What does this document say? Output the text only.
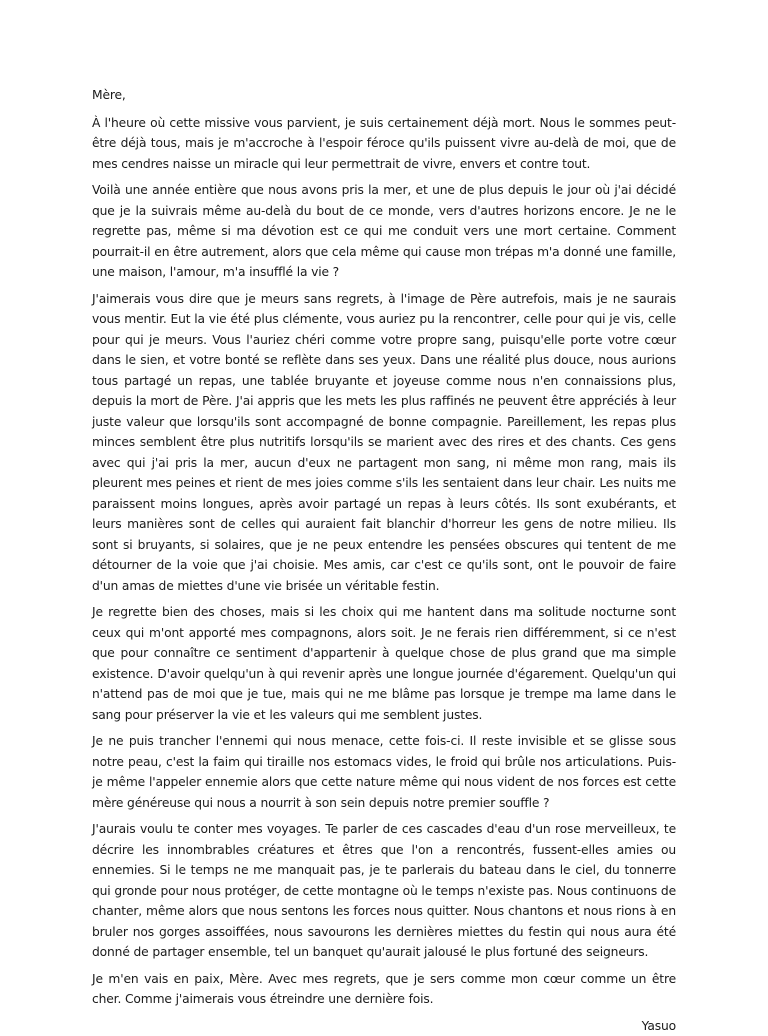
Mère,

À l'heure où cette missive vous parvient, je suis certainement déjà mort. Nous le sommes peut-être déjà tous, mais je m'accroche à l'espoir féroce qu'ils puissent vivre au-delà de moi, que de mes cendres naisse un miracle qui leur permettrait de vivre, envers et contre tout.

Voilà une année entière que nous avons pris la mer, et une de plus depuis le jour où j'ai décidé que je la suivrais même au-delà du bout de ce monde, vers d'autres horizons encore. Je ne le regrette pas, même si ma dévotion est ce qui me conduit vers une mort certaine. Comment pourrait-il en être autrement, alors que cela même qui cause mon trépas m'a donné une famille, une maison, l'amour, m'a insufflé la vie ?

J'aimerais vous dire que je meurs sans regrets, à l'image de Père autrefois, mais je ne saurais vous mentir. Eut la vie été plus clémente, vous auriez pu la rencontrer, celle pour qui je vis, celle pour qui je meurs. Vous l'auriez chéri comme votre propre sang, puisqu'elle porte votre cœur dans le sien, et votre bonté se reflète dans ses yeux. Dans une réalité plus douce, nous aurions tous partagé un repas, une tablée bruyante et joyeuse comme nous n'en connaissions plus, depuis la mort de Père. J'ai appris que les mets les plus raffinés ne peuvent être appréciés à leur juste valeur que lorsqu'ils sont accompagné de bonne compagnie. Pareillement, les repas plus minces semblent être plus nutritifs lorsqu'ils se marient avec des rires et des chants. Ces gens avec qui j'ai pris la mer, aucun d'eux ne partagent mon sang, ni même mon rang, mais ils pleurent mes peines et rient de mes joies comme s'ils les sentaient dans leur chair. Les nuits me paraissent moins longues, après avoir partagé un repas à leurs côtés. Ils sont exubérants, et leurs manières sont de celles qui auraient fait blanchir d'horreur les gens de notre milieu. Ils sont si bruyants, si solaires, que je ne peux entendre les pensées obscures qui tentent de me détourner de la voie que j'ai choisie. Mes amis, car c'est ce qu'ils sont, ont le pouvoir de faire d'un amas de miettes d'une vie brisée un véritable festin.

Je regrette bien des choses, mais si les choix qui me hantent dans ma solitude nocturne sont ceux qui m'ont apporté mes compagnons, alors soit. Je ne ferais rien différemment, si ce n'est que pour connaître ce sentiment d'appartenir à quelque chose de plus grand que ma simple existence. D'avoir quelqu'un à qui revenir après une longue journée d'égarement. Quelqu'un qui n'attend pas de moi que je tue, mais qui ne me blâme pas lorsque je trempe ma lame dans le sang pour préserver la vie et les valeurs qui me semblent justes.

Je ne puis trancher l'ennemi qui nous menace, cette fois-ci. Il reste invisible et se glisse sous notre peau, c'est la faim qui tiraille nos estomacs vides, le froid qui brûle nos articulations. Puis-je même l'appeler ennemie alors que cette nature même qui nous vident de nos forces est cette mère généreuse qui nous a nourrit à son sein depuis notre premier souffle ?

J'aurais voulu te conter mes voyages. Te parler de ces cascades d'eau d'un rose merveilleux, te décrire les innombrables créatures et êtres que l'on a rencontrés, fussent-elles amies ou ennemies. Si le temps ne me manquait pas, je te parlerais du bateau dans le ciel, du tonnerre qui gronde pour nous protéger, de cette montagne où le temps n'existe pas. Nous continuons de chanter, même alors que nous sentons les forces nous quitter. Nous chantons et nous rions à en bruler nos gorges assoiffées, nous savourons les dernières miettes du festin qui nous aura été donné de partager ensemble, tel un banquet qu'aurait jalousé le plus fortuné des seigneurs.

Je m'en vais en paix, Mère. Avec mes regrets, que je sers comme mon cœur comme un être cher. Comme j'aimerais vous étreindre une dernière fois.

Yasuo
